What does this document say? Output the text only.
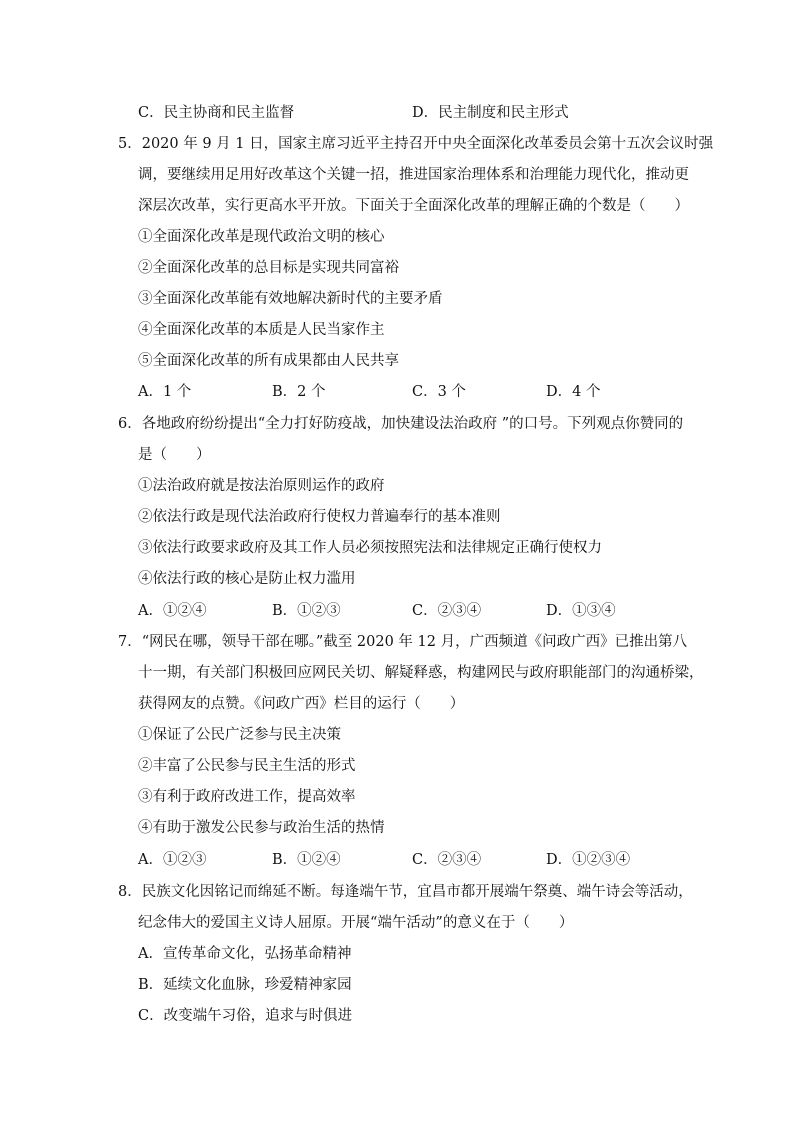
C．民主协商和民主监督	D．民主制度和民主形式
5．2020 年 9 月 1 日，国家主席习近平主持召开中央全面深化改革委员会第十五次会议时强
调，要继续用足用好改革这个关键一招，推进国家治理体系和治理能力现代化，推动更
深层次改革，实行更高水平开放。下面关于全面深化改革的理解正确的个数是（　　）
①全面深化改革是现代政治文明的核心
②全面深化改革的总目标是实现共同富裕
③全面深化改革能有效地解决新时代的主要矛盾
④全面深化改革的本质是人民当家作主
⑤全面深化改革的所有成果都由人民共享
A．1 个	B．2 个	C．3 个	D．4 个
6．各地政府纷纷提出“全力打好防疫战，加快建设法治政府 ”的口号。下列观点你赞同的
是（　　）
①法治政府就是按法治原则运作的政府
②依法行政是现代法治政府行使权力普遍奉行的基本准则
③依法行政要求政府及其工作人员必须按照宪法和法律规定正确行使权力
④依法行政的核心是防止权力滥用
A．①②④	B．①②③	C．②③④	D．①③④
7．“网民在哪，领导干部在哪。”截至 2020 年 12 月，广西频道《问政广西》已推出第八
十一期，有关部门积极回应网民关切、解疑释惑，构建网民与政府职能部门的沟通桥梁，
获得网友的点赞。《问政广西》栏目的运行（　　）
①保证了公民广泛参与民主决策
②丰富了公民参与民主生活的形式
③有利于政府改进工作，提高效率
④有助于激发公民参与政治生活的热情
A．①②③	B．①②④	C．②③④	D．①②③④
8．民族文化因铭记而绵延不断。每逢端午节，宜昌市都开展端午祭奠、端午诗会等活动，
纪念伟大的爱国主义诗人屈原。开展“端午活动”的意义在于（　　）
A．宣传革命文化，弘扬革命精神
B．延续文化血脉，珍爱精神家园
C．改变端午习俗，追求与时俱进
